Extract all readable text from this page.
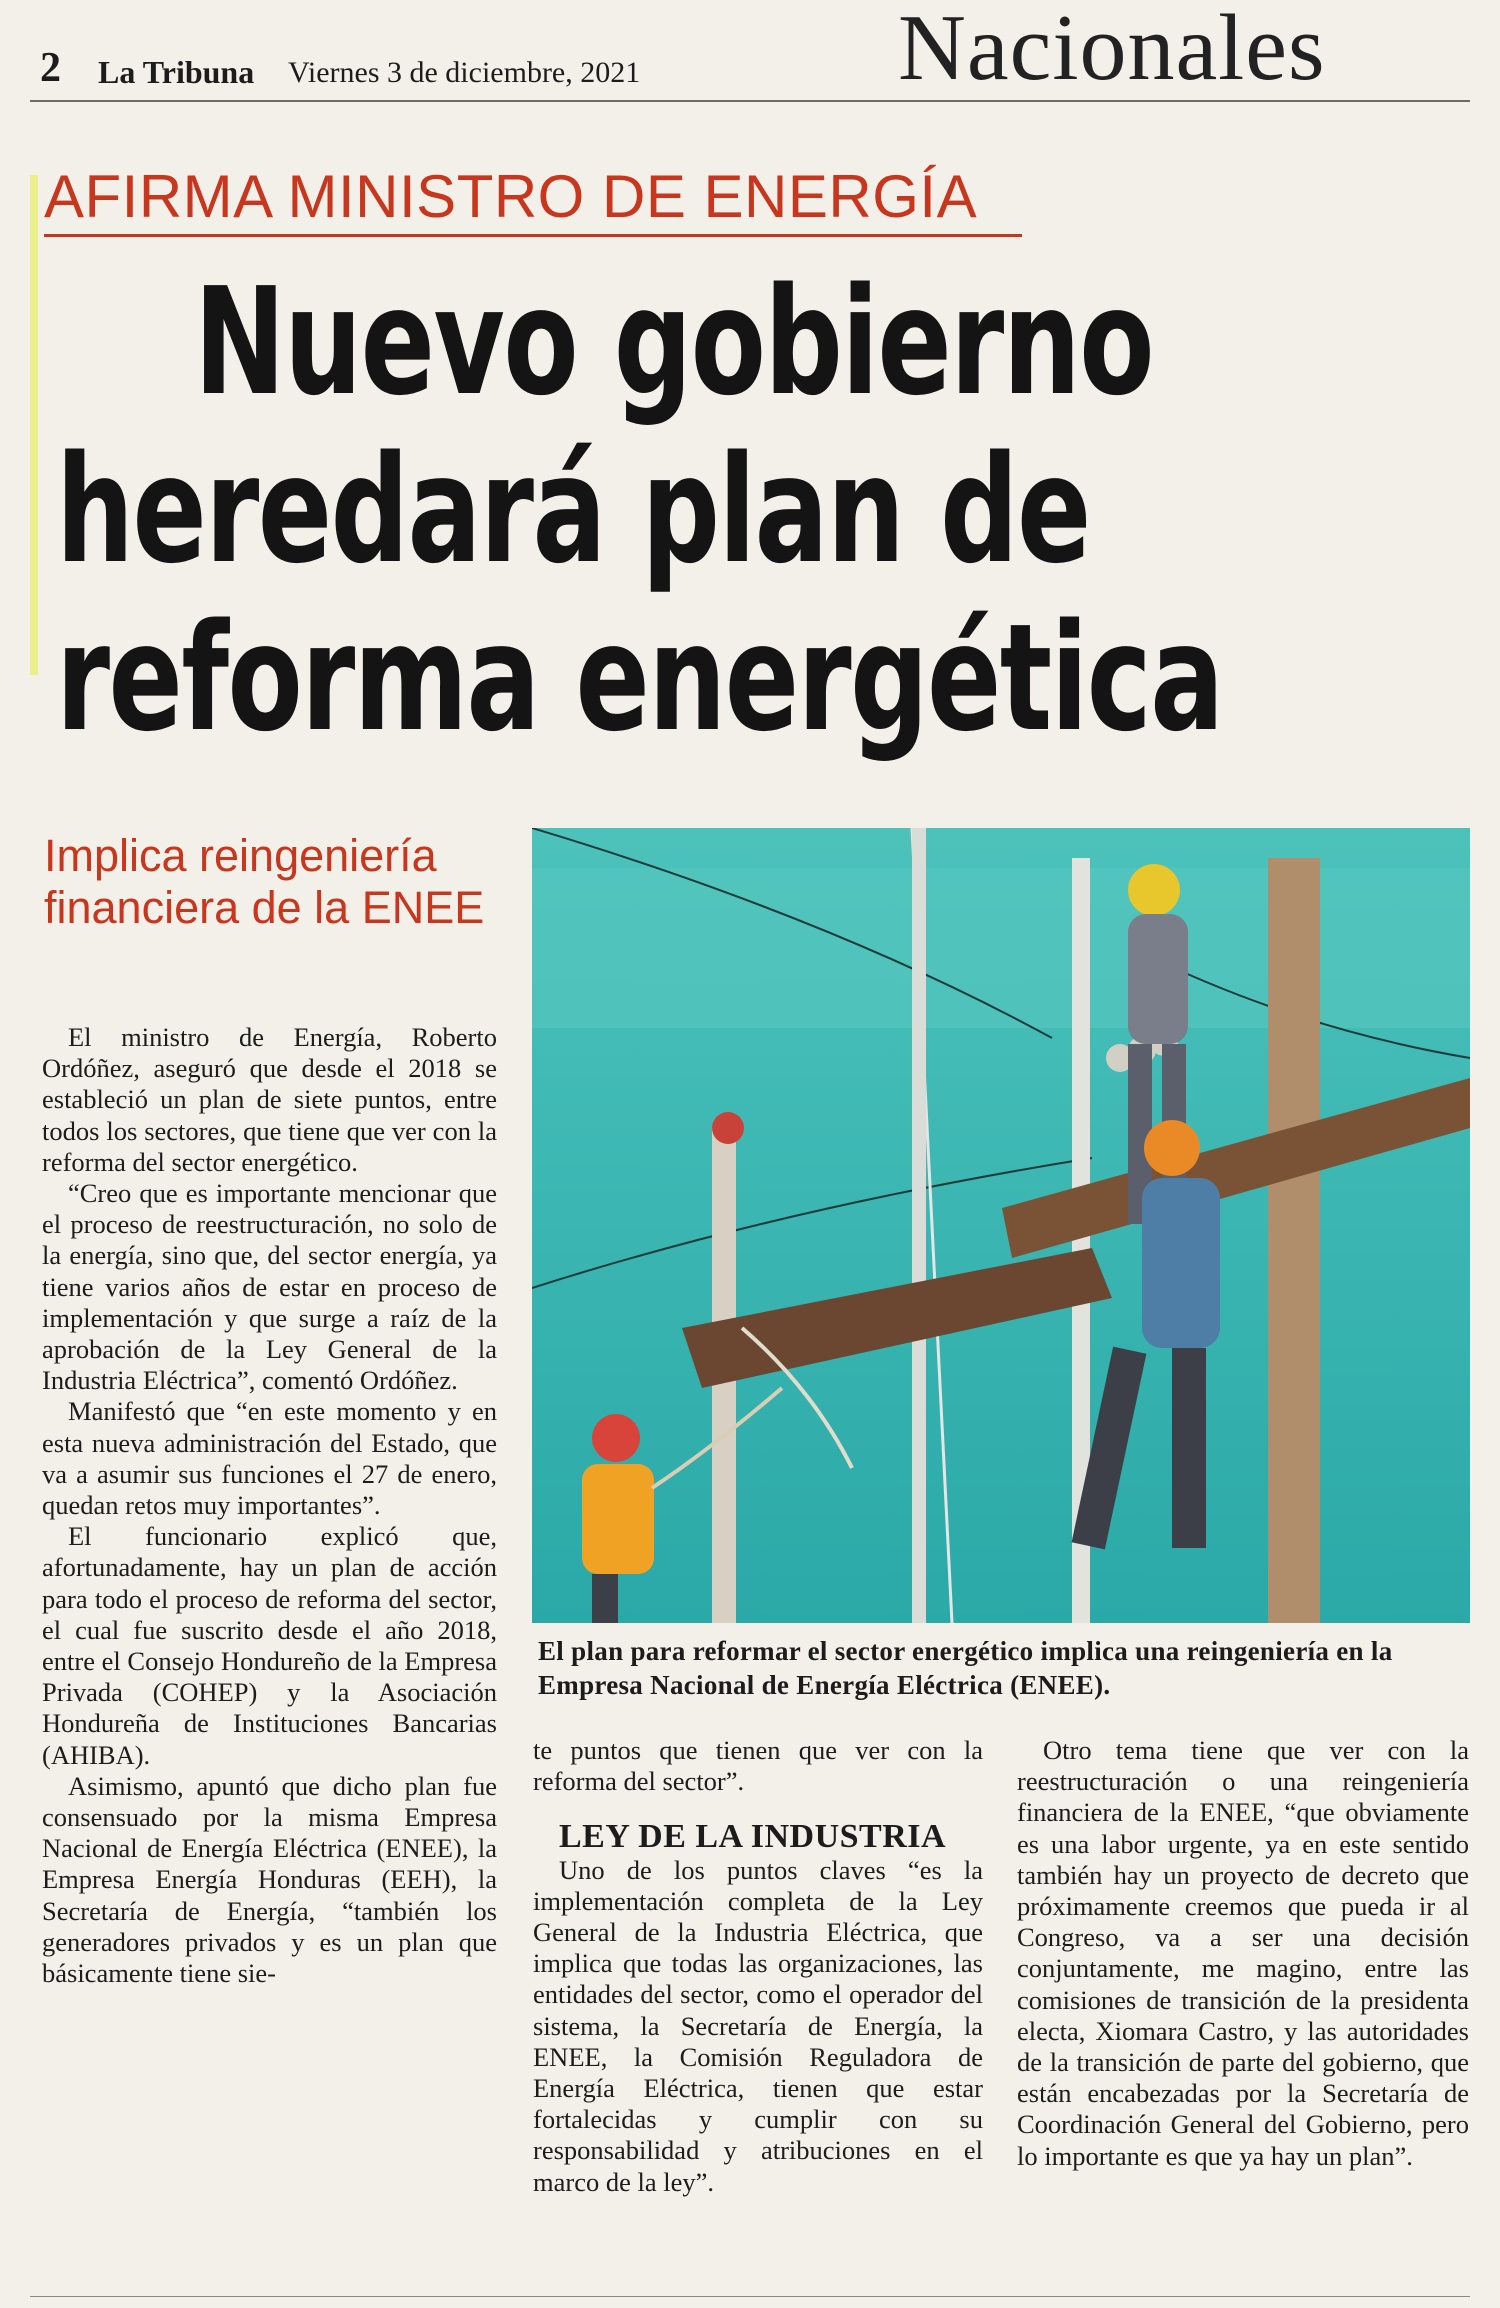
2 La Tribuna Viernes 3 de diciembre, 2021	Nacionales
AFIRMA MINISTRO DE ENERGÍA
Nuevo gobierno
heredará plan de
reforma energética
Implica reingeniería financiera de la ENEE
El plan para reformar el sector energético implica una reingeniería en la Empresa Nacional de Energía Eléctrica (ENEE).

El ministro de Energía, Roberto Ordóñez, aseguró que desde el 2018 se estableció un plan de siete puntos, entre todos los sectores, que tiene que ver con la reforma del sector energético.

“Creo que es importante mencionar que el proceso de reestructuración, no solo de la energía, sino que, del sector energía, ya tiene varios años de estar en proceso de implementación y que surge a raíz de la aprobación de la Ley General de la Industria Eléctrica”, comentó Ordóñez.

Manifestó que “en este momento y en esta nueva administración del Estado, que va a asumir sus funciones el 27 de enero, quedan retos muy importantes”.

El funcionario explicó que, afortunadamente, hay un plan de acción para todo el proceso de reforma del sector, el cual fue suscrito desde el año 2018, entre el Consejo Hondureño de la Empresa Privada (COHEP) y la Asociación Hondureña de Instituciones Bancarias (AHIBA).

Asimismo, apuntó que dicho plan fue consensuado por la misma Empresa Nacional de Energía Eléctrica (ENEE), la Empresa Energía Honduras (EEH), la Secretaría de Energía, “también los generadores privados y es un plan que básicamente tiene sie-

te puntos que tienen que ver con la reforma del sector”.

LEY DE LA INDUSTRIA

Uno de los puntos claves “es la implementación completa de la Ley General de la Industria Eléctrica, que implica que todas las organizaciones, las entidades del sector, como el operador del sistema, la Secretaría de Energía, la ENEE, la Comisión Reguladora de Energía Eléctrica, tienen que estar fortalecidas y cumplir con su responsabilidad y atribuciones en el marco de la ley”.

Otro tema tiene que ver con la reestructuración o una reingeniería financiera de la ENEE, “que obviamente es una labor urgente, ya en este sentido también hay un proyecto de decreto que próximamente creemos que pueda ir al Congreso, va a ser una decisión conjuntamente, me magino, entre las comisiones de transición de la presidenta electa, Xiomara Castro, y las autoridades de la transición de parte del gobierno, que están encabezadas por la Secretaría de Coordinación General del Gobierno, pero lo importante es que ya hay un plan”.
